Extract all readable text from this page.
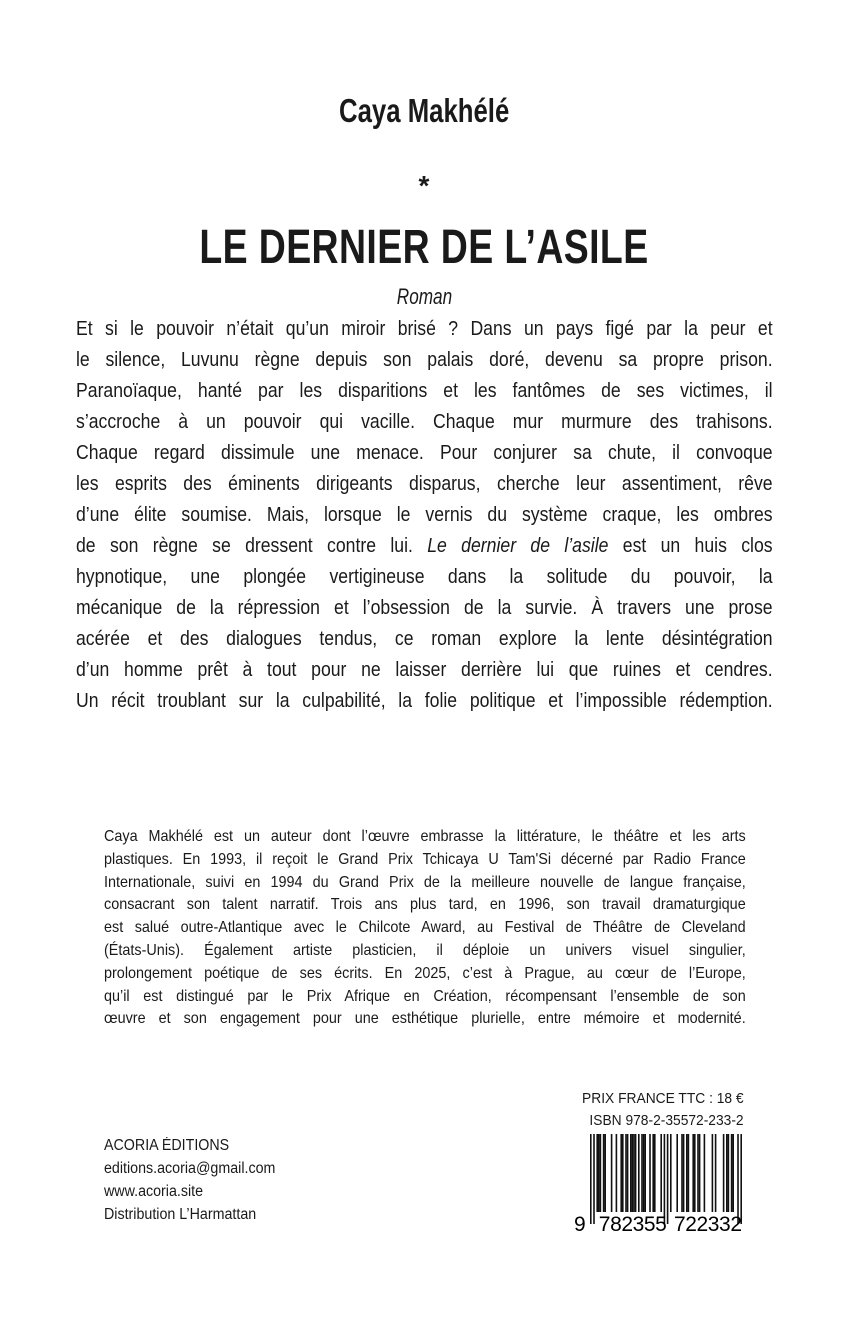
Caya Makhélé
*
LE DERNIER DE L’ASILE
Roman
Et si le pouvoir n’était qu’un miroir brisé ? Dans un pays figé par la peur et
le silence, Luvunu règne depuis son palais doré, devenu sa propre prison.
Paranoïaque, hanté par les disparitions et les fantômes de ses victimes, il
s’accroche à un pouvoir qui vacille. Chaque mur murmure des trahisons.
Chaque regard dissimule une menace. Pour conjurer sa chute, il convoque
les esprits des éminents dirigeants disparus, cherche leur assentiment, rêve
d’une élite soumise. Mais, lorsque le vernis du système craque, les ombres
de son règne se dressent contre lui. Le dernier de l’asile est un huis clos
hypnotique, une plongée vertigineuse dans la solitude du pouvoir, la
mécanique de la répression et l’obsession de la survie. À travers une prose
acérée et des dialogues tendus, ce roman explore la lente désintégration
d’un homme prêt à tout pour ne laisser derrière lui que ruines et cendres.
Un récit troublant sur la culpabilité, la folie politique et l’impossible rédemption.
Caya Makhélé est un auteur dont l’œuvre embrasse la littérature, le théâtre et les arts
plastiques. En 1993, il reçoit le Grand Prix Tchicaya U Tam'Si décerné par Radio France
Internationale, suivi en 1994 du Grand Prix de la meilleure nouvelle de langue française,
consacrant son talent narratif. Trois ans plus tard, en 1996, son travail dramaturgique
est salué outre-Atlantique avec le Chilcote Award, au Festival de Théâtre de Cleveland
(États-Unis). Également artiste plasticien, il déploie un univers visuel singulier,
prolongement poétique de ses écrits. En 2025, c’est à Prague, au cœur de l’Europe,
qu’il est distingué par le Prix Afrique en Création, récompensant l’ensemble de son
œuvre et son engagement pour une esthétique plurielle, entre mémoire et modernité.
ACORIA ÉDITIONS
editions.acoria@gmail.com
www.acoria.site
Distribution L’Harmattan
PRIX FRANCE TTC : 18 €
ISBN 978-2-35572-233-2
9 782355 722332
